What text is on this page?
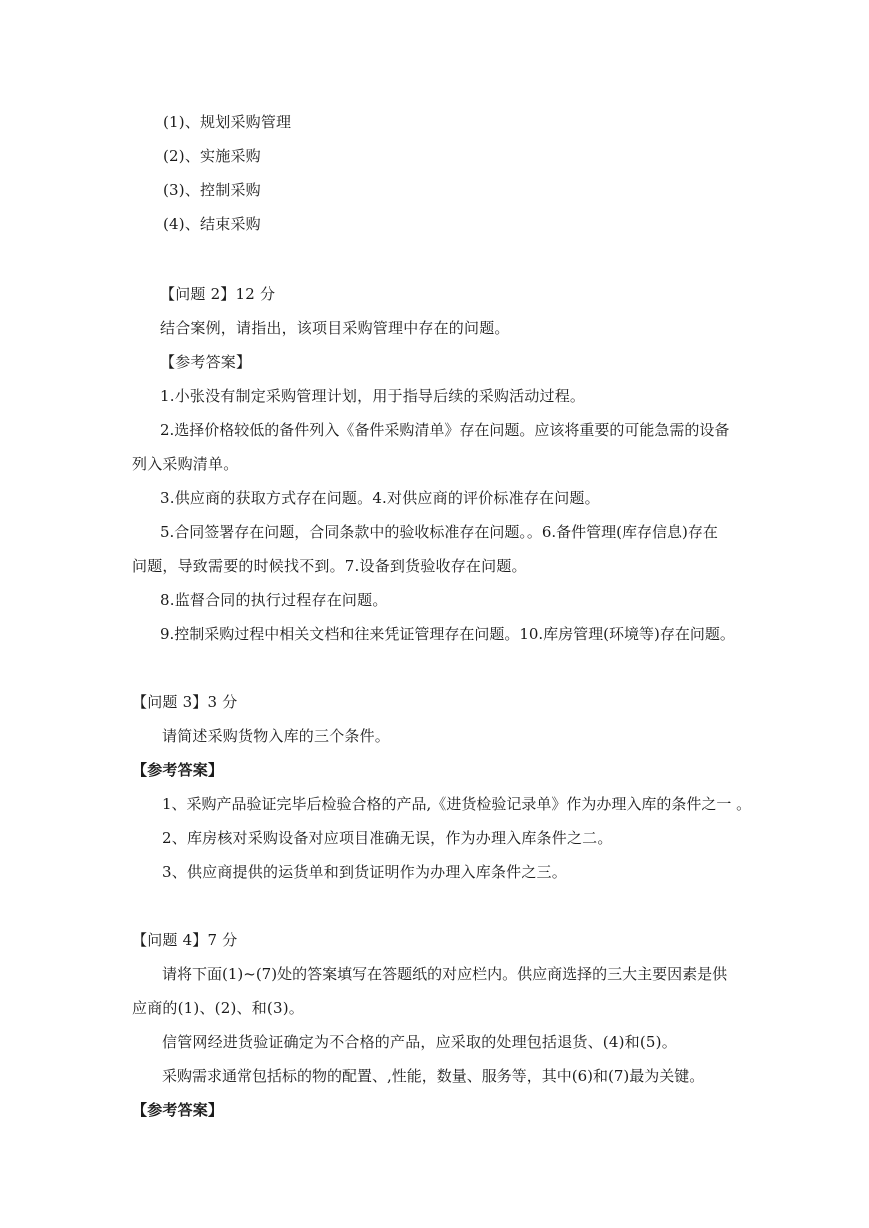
(1)、规划采购管理
(2)、实施采购
(3)、控制采购
(4)、结束采购
【问题 2】12 分
结合案例，请指出，该项目采购管理中存在的问题。
【参考答案】
1.小张没有制定采购管理计划，用于指导后续的采购活动过程。
2.选择价格较低的备件列入《备件采购清单》存在问题。应该将重要的可能急需的设备
列入采购清单。
3.供应商的获取方式存在问题。4.对供应商的评价标准存在问题。
5.合同签署存在问题，合同条款中的验收标准存在问题。。6.备件管理(库存信息)存在
问题，导致需要的时候找不到。7.设备到货验收存在问题。
8.监督合同的执行过程存在问题。
9.控制采购过程中相关文档和往来凭证管理存在问题。10.库房管理(环境等)存在问题。
【问题 3】3 分
请简述采购货物入库的三个条件。
【参考答案】
1、采购产品验证完毕后检验合格的产品,《进货检验记录单》作为办理入库的条件之一 。
2、库房核对采购设备对应项目准确无误，作为办理入库条件之二。
3、供应商提供的运货单和到货证明作为办理入库条件之三。
【问题 4】7 分
请将下面(1)~(7)处的答案填写在答题纸的对应栏内。供应商选择的三大主要因素是供
应商的(1)、(2)、和(3)。
信管网经进货验证确定为不合格的产品，应采取的处理包括退货、(4)和(5)。
采购需求通常包括标的物的配置、,性能，数量、服务等，其中(6)和(7)最为关键。
【参考答案】
